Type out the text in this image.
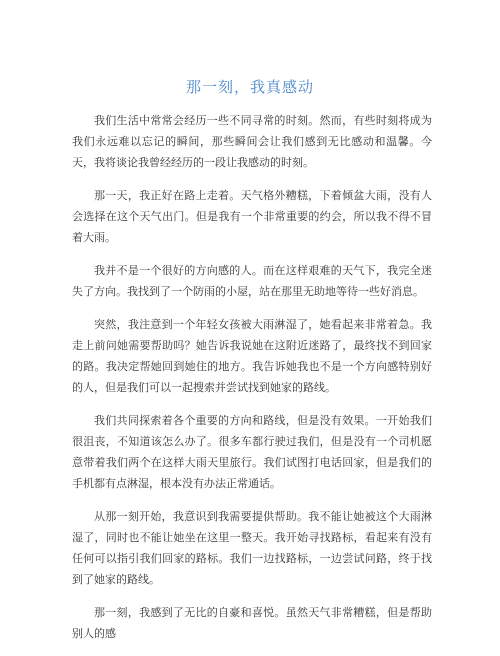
那一刻，我真感动

我们生活中常常会经历一些不同寻常的时刻。然而，有些时刻将成为我们永远难以忘记的瞬间，那些瞬间会让我们感到无比感动和温馨。今天，我将谈论我曾经经历的一段让我感动的时刻。

那一天，我正好在路上走着。天气格外糟糕，下着倾盆大雨，没有人会选择在这个天气出门。但是我有一个非常重要的约会，所以我不得不冒着大雨。

我并不是一个很好的方向感的人。而在这样艰难的天气下，我完全迷失了方向。我找到了一个防雨的小屋，站在那里无助地等待一些好消息。

突然，我注意到一个年轻女孩被大雨淋湿了，她看起来非常着急。我走上前问她需要帮助吗？她告诉我说她在这附近迷路了，最终找不到回家的路。我决定帮她回到她住的地方。我告诉她我也不是一个方向感特别好的人，但是我们可以一起搜索并尝试找到她家的路线。

我们共同探索着各个重要的方向和路线，但是没有效果。一开始我们很沮丧，不知道该怎么办了。很多车都行驶过我们，但是没有一个司机愿意带着我们两个在这样大雨天里旅行。我们试图打电话回家，但是我们的手机都有点淋湿，根本没有办法正常通话。

从那一刻开始，我意识到我需要提供帮助。我不能让她被这个大雨淋湿了，同时也不能让她坐在这里一整天。我开始寻找路标，看起来有没有任何可以指引我们回家的路标。我们一边找路标，一边尝试问路，终于找到了她家的路线。

那一刻，我感到了无比的自豪和喜悦。虽然天气非常糟糕，但是帮助别人的感
